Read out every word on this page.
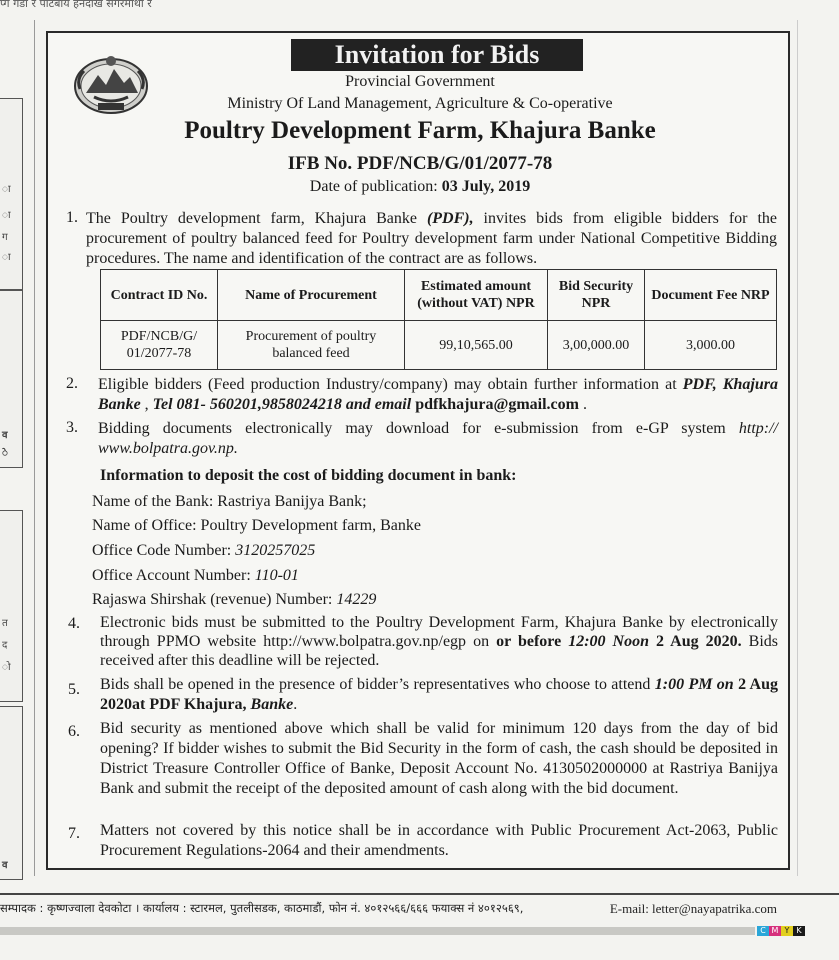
प्ग गडा र पाटबाय हनदाख सगरमाथा र
ा
ा
ग
ा
व
े
त
द
ो
व
Invitation for Bids
Provincial Government
Ministry Of Land Management, Agriculture & Co-operative
Poultry Development Farm, Khajura Banke
IFB No. PDF/NCB/G/01/2077-78
Date of publication: 03 July, 2019
1. The Poultry development farm, Khajura Banke (PDF), invites bids from eligible bidders for the procurement of poultry balanced feed for Poultry development farm under National Competitive Bidding procedures. The name and identification of the contract are as follows.
Contract ID No.	Name of Procurement	Estimated amount (without VAT) NPR	Bid Security NPR	Document Fee NRP
PDF/NCB/G/ 01/2077-78	Procurement of poultry balanced feed	99,10,565.00	3,00,000.00	3,000.00
2. Eligible bidders (Feed production Industry/company) may obtain further information at PDF, Khajura Banke , Tel 081- 560201,9858024218 and email pdfkhajura@gmail.com .
3. Bidding documents electronically may download for e-submission from e-GP system http:// www.bolpatra.gov.np.
Information to deposit the cost of bidding document in bank:
Name of the Bank: Rastriya Banijya Bank;
Name of Office: Poultry Development farm, Banke
Office Code Number: 3120257025
Office Account Number: 110-01
Rajaswa Shirshak (revenue) Number: 14229
4. Electronic bids must be submitted to the Poultry Development Farm, Khajura Banke by electronically through PPMO website http://www.bolpatra.gov.np/egp on or before 12:00 Noon 2 Aug 2020. Bids received after this deadline will be rejected.
5. Bids shall be opened in the presence of bidder’s representatives who choose to attend 1:00 PM on 2 Aug 2020at PDF Khajura, Banke.
6. Bid security as mentioned above which shall be valid for minimum 120 days from the day of bid opening? If bidder wishes to submit the Bid Security in the form of cash, the cash should be deposited in District Treasure Controller Office of Banke, Deposit Account No. 4130502000000 at Rastriya Banijya Bank and submit the receipt of the deposited amount of cash along with the bid document.
7. Matters not covered by this notice shall be in accordance with Public Procurement Act-2063, Public Procurement Regulations-2064 and their amendments.
सम्पादक : कृष्णज्वाला देवकोटा । कार्यालय : स्टारमल, पुतलीसडक, काठमाडौं, फोन नं. ४०१२५६६/६६६ फयाक्स नं ४०१२५६९,	E-mail: letter@nayapatrika.com
C M Y K
